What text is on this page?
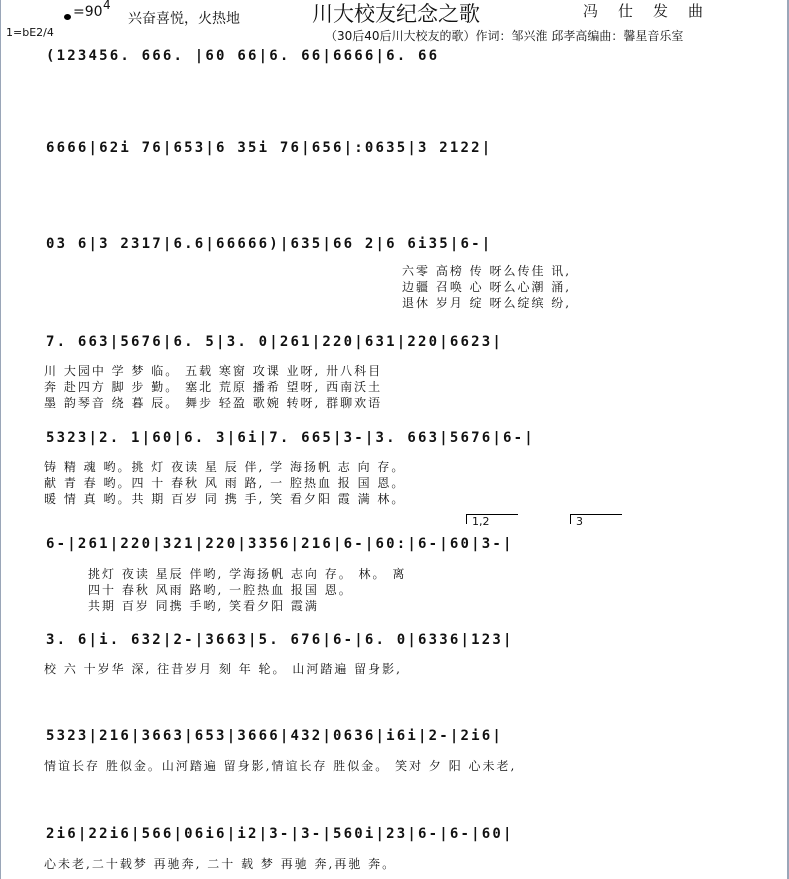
=90 4
兴奋喜悦，火热地
1=bE2/4
川大校友纪念之歌	冯仕发曲
（30后40后川大校友的歌）作词：邹兴淮 邱孝高编曲：馨星音乐室
(123456. 666. |60 66|6. 66|6666|6. 66
6666|62i 76|653|6 35i 76|656|:0635|3 2122|
03 6|3 2317|6.6|66666)|635|66 2|6 6i35|6-|
六零 高榜 传 呀么传佳 讯,
边疆 召唤 心 呀么心潮 涌,
退休 岁月 绽 呀么绽缤 纷,
7. 663|5676|6. 5|3. 0|261|220|631|220|6623|
川 大园中 学 梦 临。 五载 寒窗 攻课 业呀, 卅八科目
奔 赴四方 脚 步 勤。 塞北 荒原 播希 望呀, 西南沃土
墨 韵琴音 绕 暮 辰。 舞步 轻盈 歌婉 转呀, 群聊欢语
5323|2. 1|60|6. 3|6i|7. 665|3-|3. 663|5676|6-|
铸 精 魂 哟。挑 灯 夜读 星 辰 伴, 学 海扬帆 志 向 存。
献 青 春 哟。四 十 春秋 风 雨 路, 一 腔热血 报 国 恩。
暖 情 真 哟。共 期 百岁 同 携 手, 笑 看夕阳 霞 满 林。
1,2	3
6-|261|220|321|220|3356|216|6-|60:|6-|60|3-|
挑灯 夜读 星辰 伴哟, 学海扬帆 志向 存。 林。 离
四十 春秋 风雨 路哟, 一腔热血 报国 恩。
共期 百岁 同携 手哟, 笑看夕阳 霞满
3. 6|i. 632|2-|3663|5. 676|6-|6. 0|6336|123|
校 六 十岁华 深, 往昔岁月 刻 年 轮。 山河踏遍 留身影,
5323|216|3663|653|3666|432|0636|i6i|2-|2i6|
情谊长存 胜似金。山河踏遍 留身影,情谊长存 胜似金。 笑对 夕 阳 心未老,
2i6|22i6|566|06i6|i2|3-|3-|560i|23|6-|6-|60|
心未老,二十载梦 再驰奔, 二十 载 梦 再驰 奔,再驰 奔。
